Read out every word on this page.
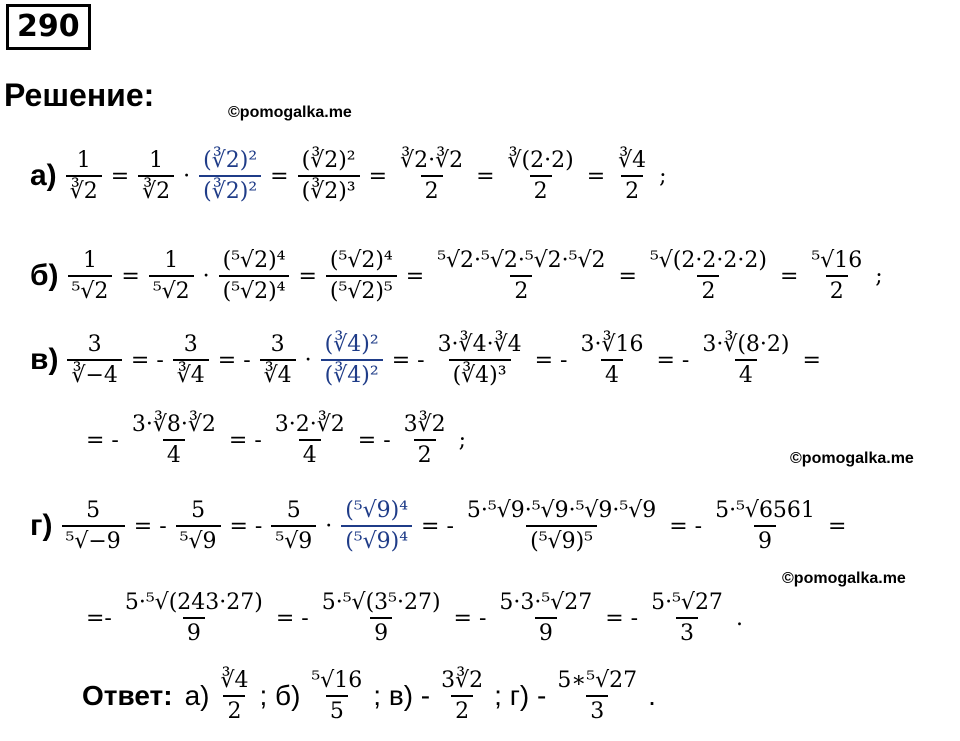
290
Решение:	©pomogalka.me
©pomogalka.me
©pomogalka.me
$а) \frac{1}{∛2} = \frac{1}{∛2} \cdot \frac{\text{(∛2)²}}{\text{(∛2)²}} = \frac{\text{(∛2)²}}{\text{(∛2)³}} = \frac{∛2\cdot∛2}{2} = \frac{∛(2\cdot 2)}{2} = \frac{∛4}{2}$ ;
$б) \frac{1}{\text{⁵√2}} = \frac{1}{\text{⁵√2}} \cdot \frac{\text{(⁵√2)⁴}}{\text{(⁵√2)⁴}} = \frac{\text{(⁵√2)⁴}}{\text{(⁵√2)⁵}} = \frac{\text{⁵√2·⁵√2·⁵√2·⁵√2}}{2} = \frac{\text{⁵√(2·2·2·2)}}{2} = \frac{\text{⁵√16}}{2}$ ;
$в) \frac{3}{∛-4}$ = - $\frac{3}{∛4}$ = - $\frac{3}{∛4} \cdot \frac{\text{(∛4)²}}{\text{(∛4)²}}$ = - $\frac{3\cdot∛4\cdot∛4}{\text{(∛4)³}}$ = - $\frac{3\cdot∛16}{4}$ = - $\frac{3\cdot∛(8\cdot 2)}{4}$ =
= - $\frac{3\cdot∛8\cdot∛2}{4}$ = - $\frac{3\cdot 2\cdot∛2}{4}$ = - $\frac{3∛2}{2}$ ;
$г) \frac{5}{\text{⁵√−9}}$ = - $\frac{5}{\text{⁵√9}}$ = - $\frac{5}{\text{⁵√9}} \cdot \frac{\text{(⁵√9)⁴}}{\text{(⁵√9)⁴}}$ = - $\frac{\text{5·⁵√9·⁵√9·⁵√9·⁵√9}}{\text{(⁵√9)⁵}}$ = - $\frac{\text{5·⁵√6561}}{9}$ =
=- $\frac{\text{5·⁵√(243·27)}}{9}$ = - $\frac{\text{5·⁵√(3⁵·27)}}{9}$ = - $\frac{\text{5·3·⁵√27}}{9}$ = - $\frac{\text{5·⁵√27}}{3}$ .
Ответ: $а) \frac{∛4}{2}$ ; $б) \frac{\text{⁵√16}}{5}$ ; $в) - \frac{3∛2}{2}$ ; $г) - \frac{\text{5∗⁵√27}}{3}$ .
